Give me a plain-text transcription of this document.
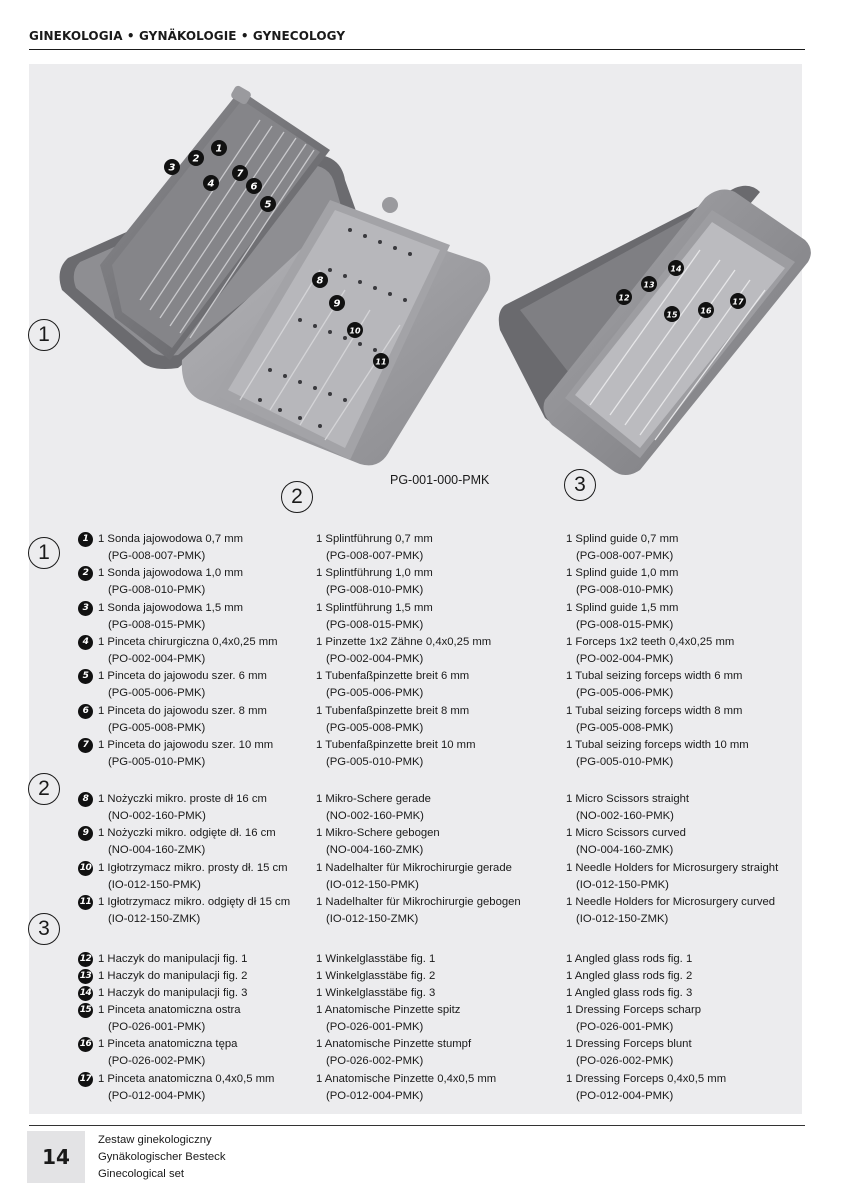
GINEKOLOGIA • GYNÄKOLOGIE • GYNECOLOGY
1
2
3
4
5
6
7
8
9
10
11
12
13
14
15	16
17
1
2
3
PG-001-000-PMK
1
2
3
1 1 Sonda jajowodowa 0,7 mm
(PG-008-007-PMK)
1 Splintführung 0,7 mm
(PG-008-007-PMK)
1 Splind guide 0,7 mm
(PG-008-007-PMK)
2 1 Sonda jajowodowa 1,0 mm
(PG-008-010-PMK)
1 Splintführung 1,0 mm
(PG-008-010-PMK)
1 Splind guide 1,0 mm
(PG-008-010-PMK)
3 1 Sonda jajowodowa 1,5 mm
(PG-008-015-PMK)
1 Splintführung 1,5 mm
(PG-008-015-PMK)
1 Splind guide 1,5 mm
(PG-008-015-PMK)
4 1 Pinceta chirurgiczna 0,4x0,25 mm
(PO-002-004-PMK)
1 Pinzette 1x2 Zähne 0,4x0,25 mm
(PO-002-004-PMK)
1 Forceps 1x2 teeth 0,4x0,25 mm
(PO-002-004-PMK)
5 1 Pinceta do jajowodu szer. 6 mm
(PG-005-006-PMK)
1 Tubenfaßpinzette breit 6 mm
(PG-005-006-PMK)
1 Tubal seizing forceps width 6 mm
(PG-005-006-PMK)
6 1 Pinceta do jajowodu szer. 8 mm
(PG-005-008-PMK)
1 Tubenfaßpinzette breit 8 mm
(PG-005-008-PMK)
1 Tubal seizing forceps width 8 mm
(PG-005-008-PMK)
7 1 Pinceta do jajowodu szer. 10 mm
(PG-005-010-PMK)
1 Tubenfaßpinzette breit 10 mm
(PG-005-010-PMK)
1 Tubal seizing forceps width 10 mm
(PG-005-010-PMK)
8 1 Nożyczki mikro. proste dł 16 cm
(NO-002-160-PMK)
1 Mikro-Schere gerade
(NO-002-160-PMK)
1 Micro Scissors straight
(NO-002-160-PMK)
9 1 Nożyczki mikro. odgięte dł. 16 cm
(NO-004-160-ZMK)
1 Mikro-Schere gebogen
(NO-004-160-ZMK)
1 Micro Scissors curved
(NO-004-160-ZMK)
10 1 Igłotrzymacz mikro. prosty dł. 15 cm
(IO-012-150-PMK)
1 Nadelhalter für Mikrochirurgie gerade
(IO-012-150-PMK)
1 Needle Holders for Microsurgery straight
(IO-012-150-PMK)
11 1 Igłotrzymacz mikro. odgięty dł 15 cm
(IO-012-150-ZMK)
1 Nadelhalter für Mikrochirurgie gebogen
(IO-012-150-ZMK)
1 Needle Holders for Microsurgery curved
(IO-012-150-ZMK)
12 1 Haczyk do manipulacji fig. 1	1 Winkelglasstäbe fig. 1	1 Angled glass rods fig. 1
13 1 Haczyk do manipulacji fig. 2	1 Winkelglasstäbe fig. 2	1 Angled glass rods fig. 2
14 1 Haczyk do manipulacji fig. 3	1 Winkelglasstäbe fig. 3	1 Angled glass rods fig. 3
15 1 Pinceta anatomiczna ostra
(PO-026-001-PMK)
1 Anatomische Pinzette spitz
(PO-026-001-PMK)
1 Dressing Forceps scharp
(PO-026-001-PMK)
16 1 Pinceta anatomiczna tępa
(PO-026-002-PMK)
1 Anatomische Pinzette stumpf
(PO-026-002-PMK)
1 Dressing Forceps blunt
(PO-026-002-PMK)
17 1 Pinceta anatomiczna 0,4x0,5 mm
(PO-012-004-PMK)
1 Anatomische Pinzette 0,4x0,5 mm
(PO-012-004-PMK)
1 Dressing Forceps 0,4x0,5 mm
(PO-012-004-PMK)
14
Zestaw ginekologiczny
Gynäkologischer Besteck
Ginecological set
